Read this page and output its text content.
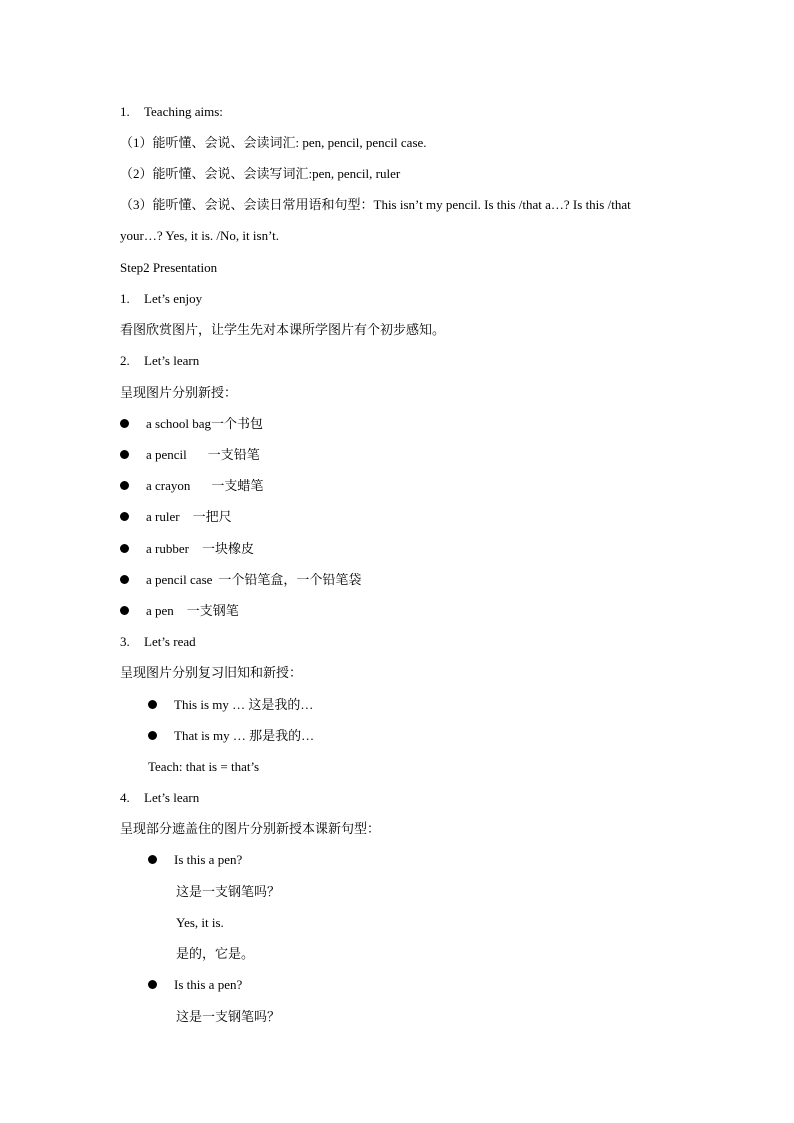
1. Teaching aims:
（1）能听懂、会说、会读词汇: pen, pencil, pencil case.
（2）能听懂、会说、会读写词汇:pen, pencil, ruler
（3）能听懂、会说、会读日常用语和句型：This isn’t my pencil. Is this /that a…? Is this /that
your…? Yes, it is. /No, it isn’t.
Step2 Presentation
1. Let’s enjoy
看图欣赏图片，让学生先对本课所学图片有个初步感知。
2. Let’s learn
呈现图片分别新授：
a school bag一个书包
a pencil 一支铅笔
a crayon 一支蜡笔
a ruler 一把尺
a rubber 一块橡皮
a pencil case 一个铅笔盒，一个铅笔袋
a pen 一支钢笔
3. Let’s read
呈现图片分别复习旧知和新授：
This is my … 这是我的…
That is my … 那是我的…
Teach: that is = that’s
4. Let’s learn
呈现部分遮盖住的图片分别新授本课新句型：
Is this a pen?
这是一支钢笔吗？
Yes, it is.
是的，它是。
Is this a pen?
这是一支钢笔吗？
